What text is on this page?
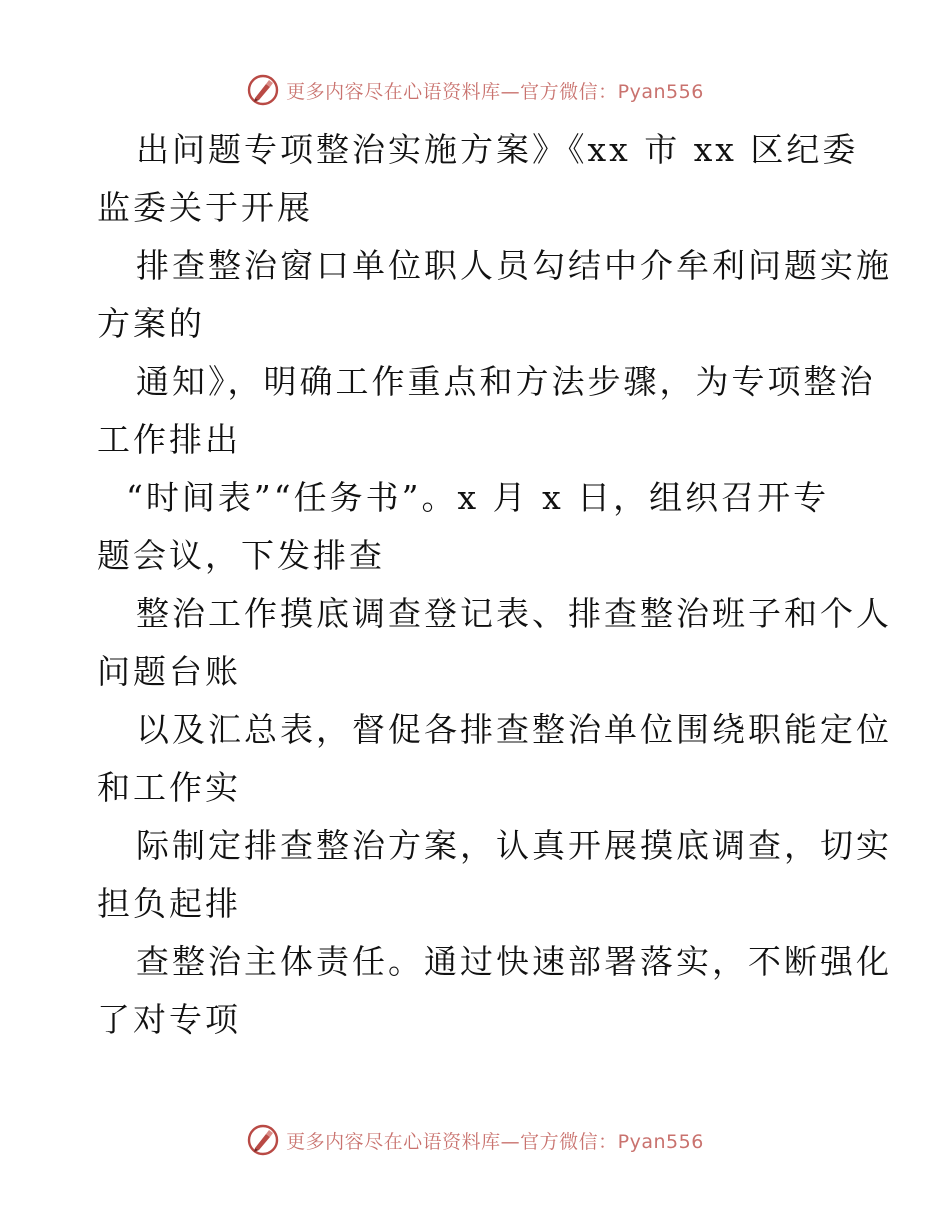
更多内容尽在心语资料库—官方微信：Pyan556
出问题专项整治实施方案》《xx 市 xx 区纪委
监委关于开展
排查整治窗口单位职人员勾结中介牟利问题实施
方案的
通知》，明确工作重点和方法步骤，为专项整治
工作排出
“时间表”“任务书”。x 月 x 日，组织召开专
题会议，下发排查
整治工作摸底调查登记表、排查整治班子和个人
问题台账
以及汇总表，督促各排查整治单位围绕职能定位
和工作实
际制定排查整治方案，认真开展摸底调查，切实
担负起排
查整治主体责任。通过快速部署落实，不断强化
了对专项
更多内容尽在心语资料库—官方微信：Pyan556
